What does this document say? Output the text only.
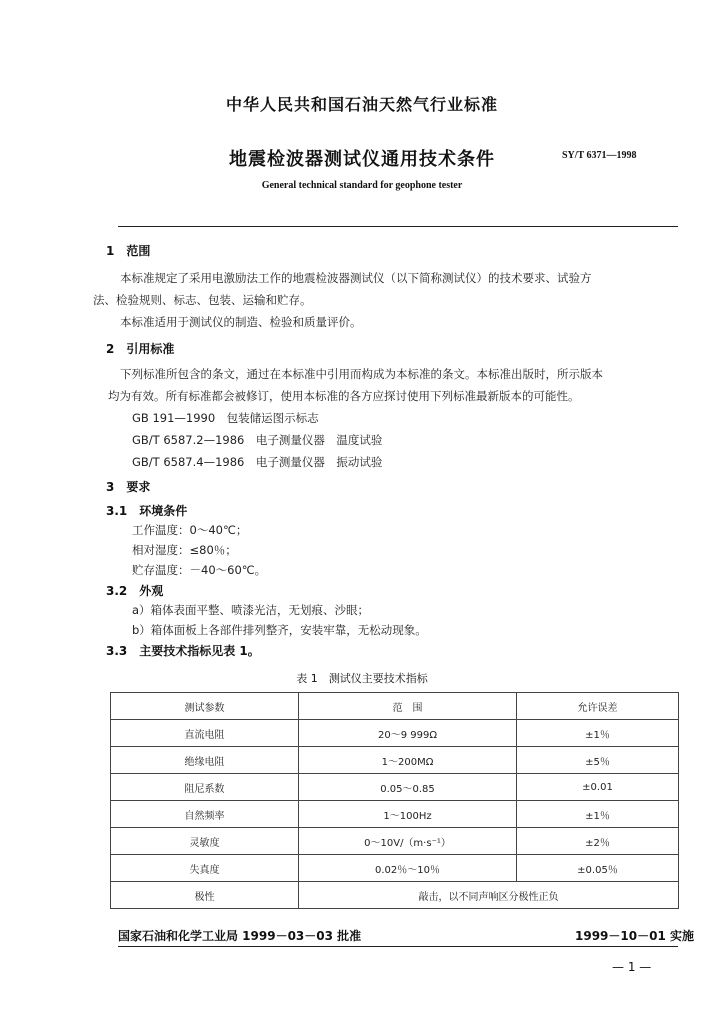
中华人民共和国石油天然气行业标准
地震检波器测试仪通用技术条件	SY/T 6371—1998
General technical standard for geophone tester
1　范围
本标准规定了采用电激励法工作的地震检波器测试仪（以下简称测试仪）的技术要求、试验方
法、检验规则、标志、包装、运输和贮存。
本标准适用于测试仪的制造、检验和质量评价。
2　引用标准
下列标准所包含的条文，通过在本标准中引用而构成为本标准的条文。本标准出版时，所示版本
均为有效。所有标准都会被修订，使用本标准的各方应探讨使用下列标准最新版本的可能性。
GB 191—1990　包装储运图示标志
GB/T 6587.2—1986　电子测量仪器　温度试验
GB/T 6587.4—1986　电子测量仪器　振动试验
3　要求
3.1　环境条件
工作温度：0～40℃；
相对湿度：≤80％；
贮存温度：－40～60℃。
3.2　外观
a）箱体表面平整、喷漆光洁，无划痕、沙眼；
b）箱体面板上各部件排列整齐，安装牢靠，无松动现象。
3.3　主要技术指标见表 1。
表 1　测试仪主要技术指标
测试参数	范　围	允许误差
直流电阻	20～9 999Ω	±1％
绝缘电阻	1～200MΩ	±5％
阻尼系数	0.05～0.85	±0.01
自然频率	1～100Hz	±1％
灵敏度	0～10V/（m·s⁻¹）	±2％
失真度	0.02％～10％	±0.05％
极性	敲击，以不同声响区分极性正负	
国家石油和化学工业局 1999－03－03 批准	1999－10－01 实施
— 1 —
